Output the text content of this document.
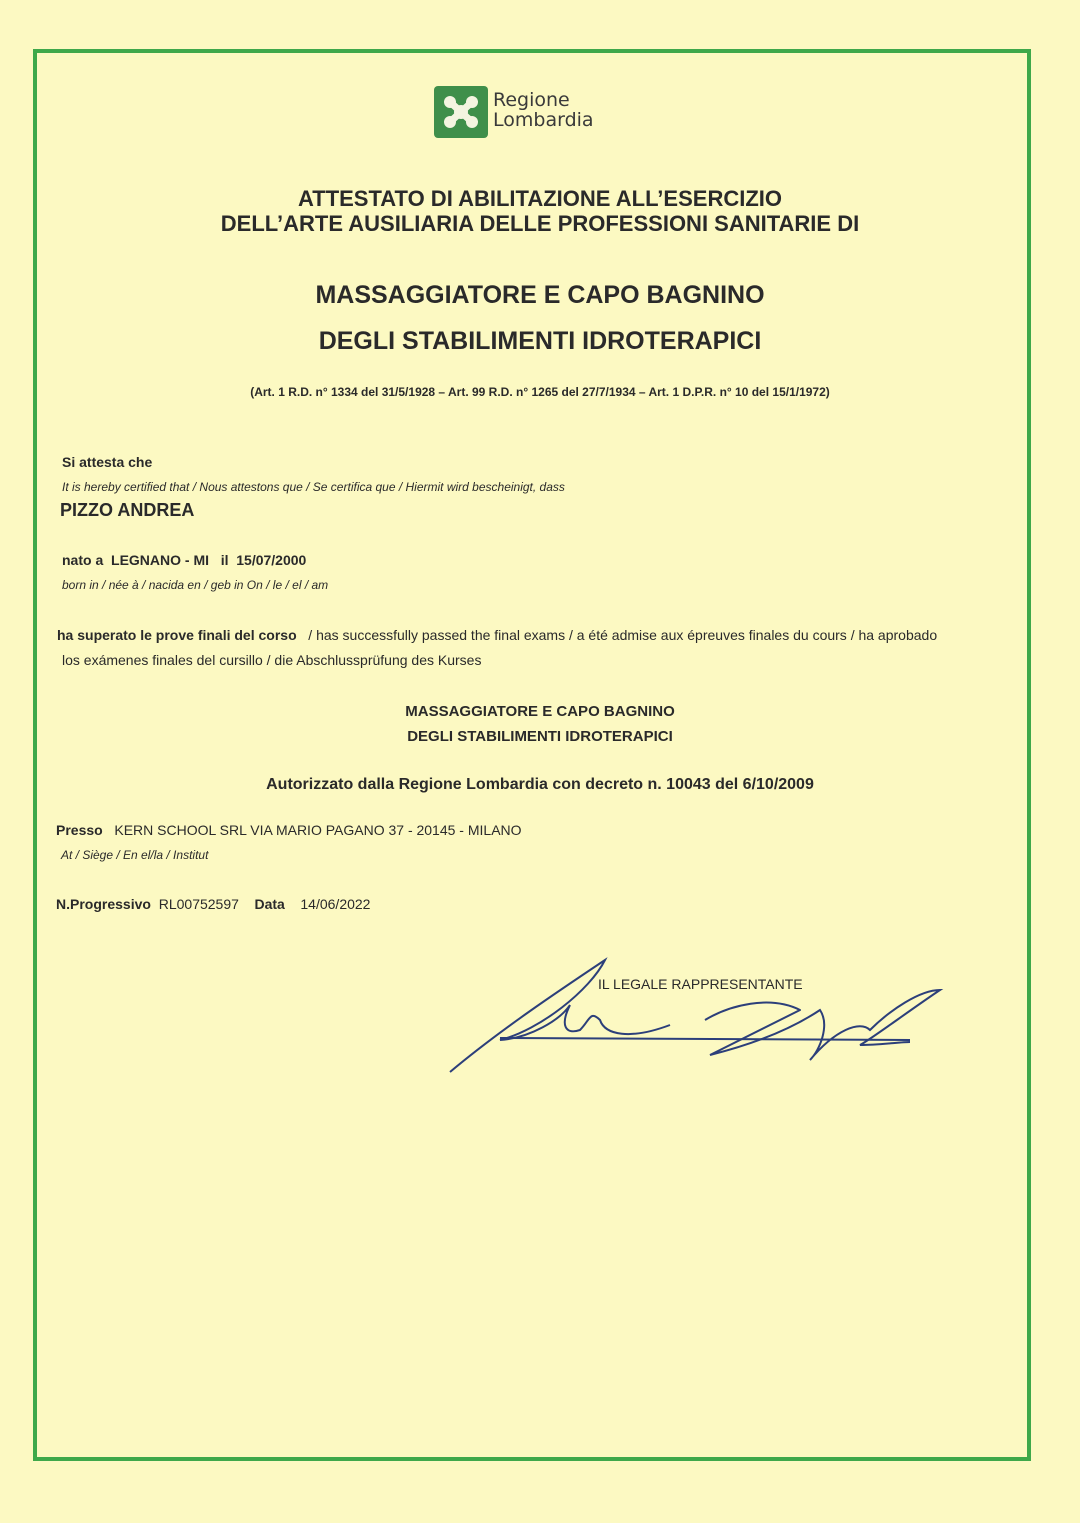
Regione
Lombardia
ATTESTATO DI ABILITAZIONE ALL’ESERCIZIO
DELL’ARTE AUSILIARIA DELLE PROFESSIONI SANITARIE DI
MASSAGGIATORE E CAPO BAGNINO
DEGLI STABILIMENTI IDROTERAPICI
(Art. 1 R.D. n° 1334 del 31/5/1928 – Art. 99 R.D. n° 1265 del 27/7/1934 – Art. 1 D.P.R. n° 10 del 15/1/1972)
Si attesta che
It is hereby certified that / Nous attestons que / Se certifica que / Hiermit wird bescheinigt, dass
PIZZO ANDREA
nato a LEGNANO - MI il 15/07/2000
born in / née à / nacida en / geb in On / le / el / am
ha superato le prove finali del corso / has successfully passed the final exams / a été admise aux épreuves finales du cours / ha aprobado
los exámenes finales del cursillo / die Abschlussprüfung des Kurses
MASSAGGIATORE E CAPO BAGNINO
DEGLI STABILIMENTI IDROTERAPICI
Autorizzato dalla Regione Lombardia con decreto n. 10043 del 6/10/2009
Presso KERN SCHOOL SRL VIA MARIO PAGANO 37 - 20145 - MILANO
At / Siège / En el/la / Institut
N.Progressivo RL00752597 Data 14/06/2022
IL LEGALE RAPPRESENTANTE
